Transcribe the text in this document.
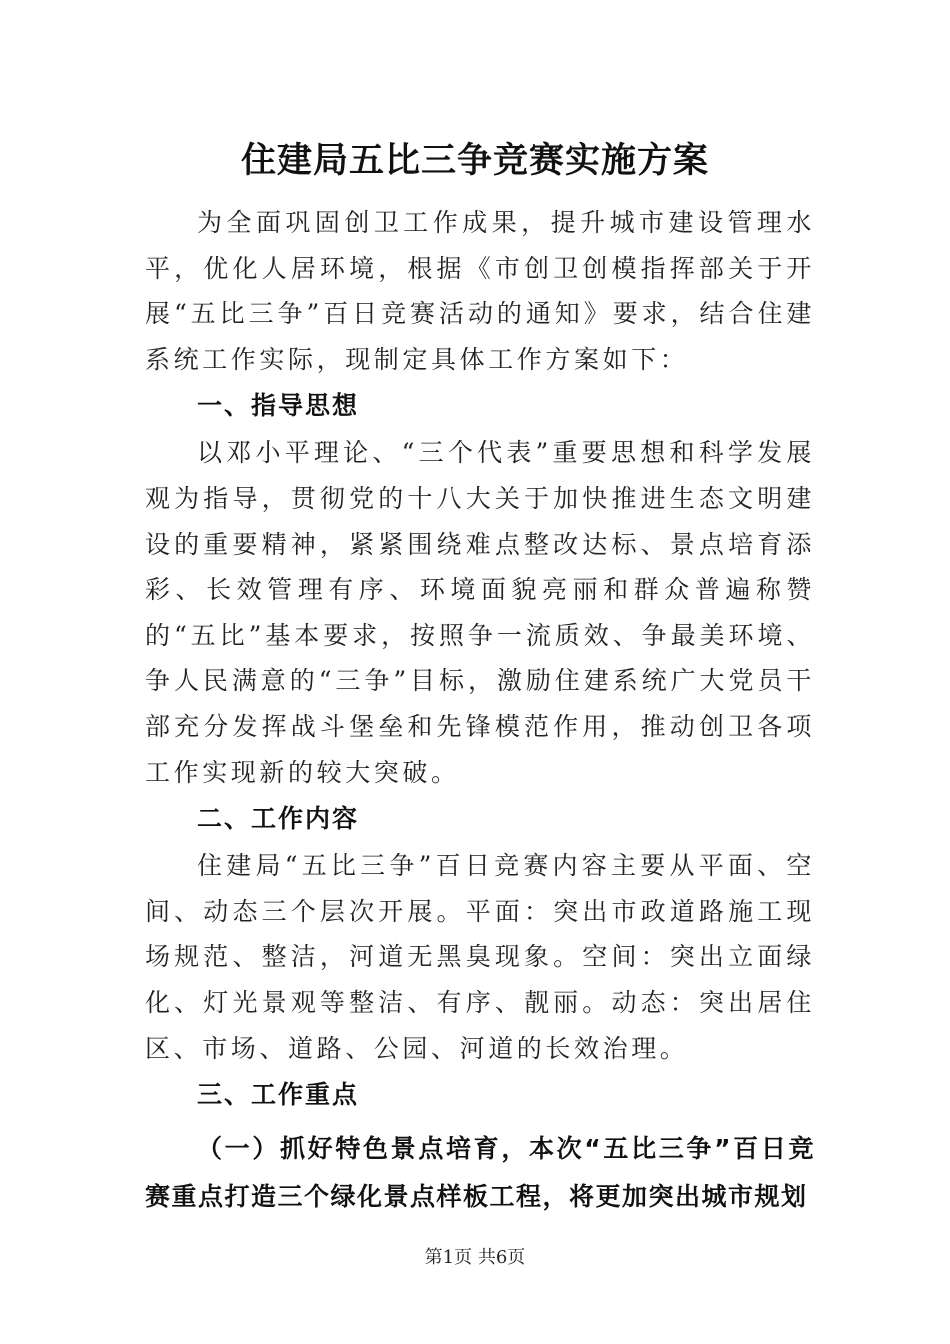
住建局五比三争竞赛实施方案

为全面巩固创卫工作成果，提升城市建设管理水平，优化人居环境，根据《市创卫创模指挥部关于开展“五比三争”百日竞赛活动的通知》要求，结合住建系统工作实际，现制定具体工作方案如下：

一、指导思想

以邓小平理论、“三个代表”重要思想和科学发展观为指导，贯彻党的十八大关于加快推进生态文明建设的重要精神，紧紧围绕难点整改达标、景点培育添彩、长效管理有序、环境面貌亮丽和群众普遍称赞的“五比”基本要求，按照争一流质效、争最美环境、争人民满意的“三争”目标，激励住建系统广大党员干部充分发挥战斗堡垒和先锋模范作用，推动创卫各项工作实现新的较大突破。

二、工作内容

住建局“五比三争”百日竞赛内容主要从平面、空间、动态三个层次开展。平面：突出市政道路施工现场规范、整洁，河道无黑臭现象。空间：突出立面绿化、灯光景观等整洁、有序、靓丽。动态：突出居住区、市场、道路、公园、河道的长效治理。

三、工作重点

（一）抓好特色景点培育，本次“五比三争”百日竞赛重点打造三个绿化景点样板工程，将更加突出城市规划

第1页 共6页
